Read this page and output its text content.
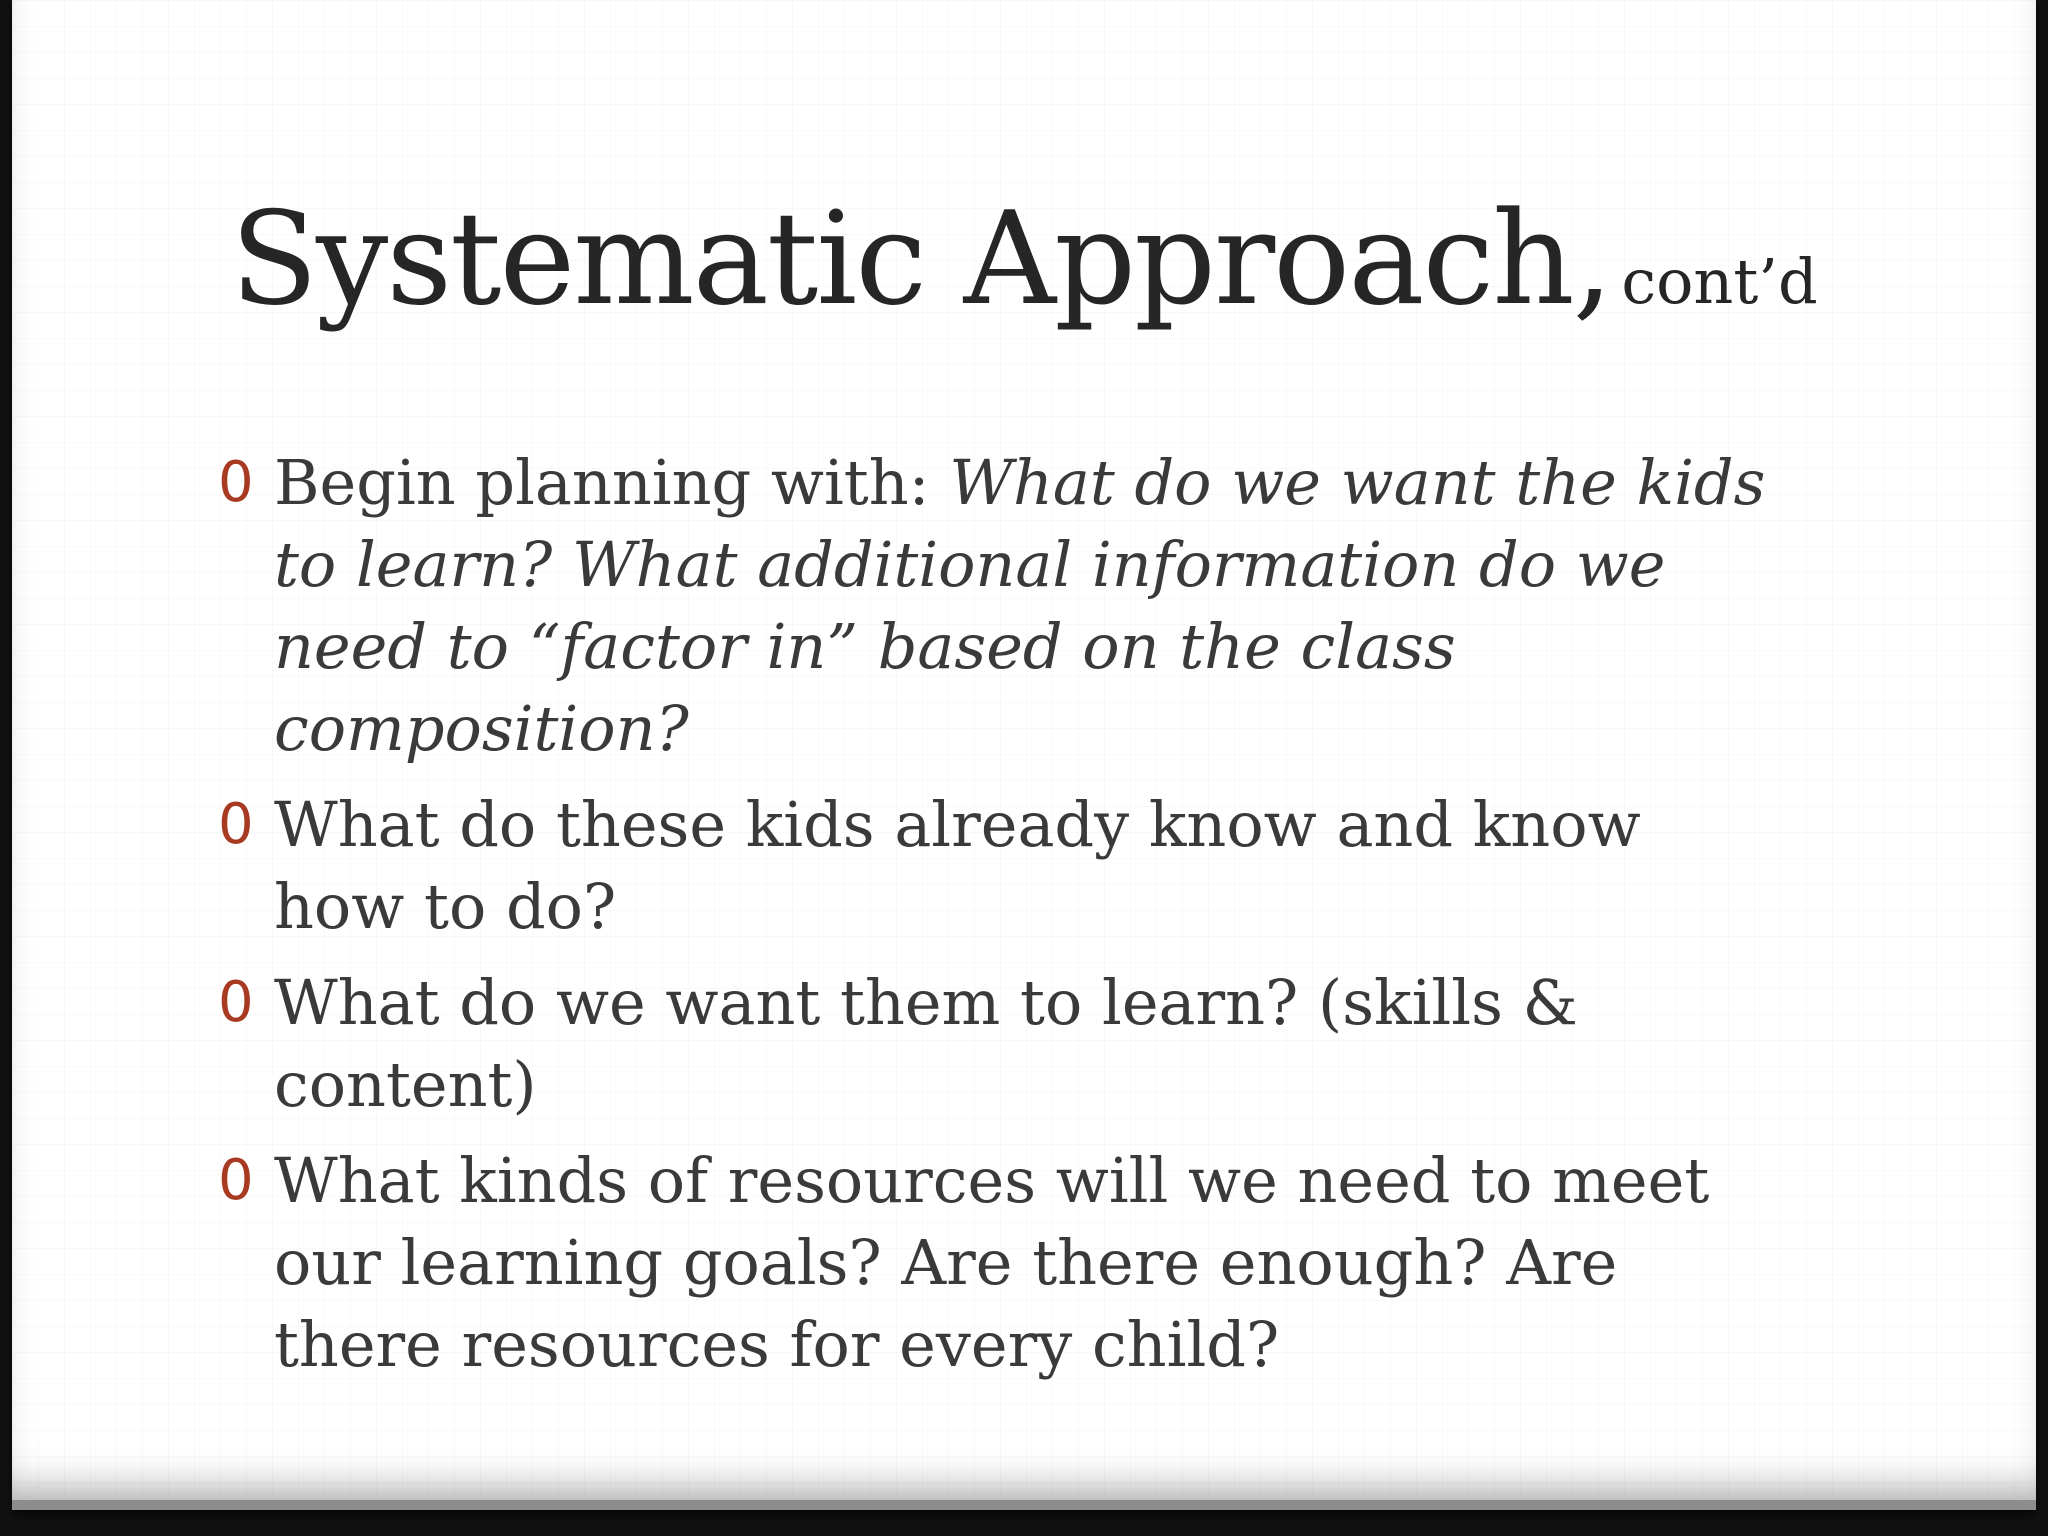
Systematic Approach, cont’d
0 Begin planning with: What do we want the kids to learn? What additional information do we need to “factor in” based on the class composition?
0 What do these kids already know and know how to do?
0 What do we want them to learn? (skills & content)
0 What kinds of resources will we need to meet our learning goals? Are there enough? Are there resources for every child?
